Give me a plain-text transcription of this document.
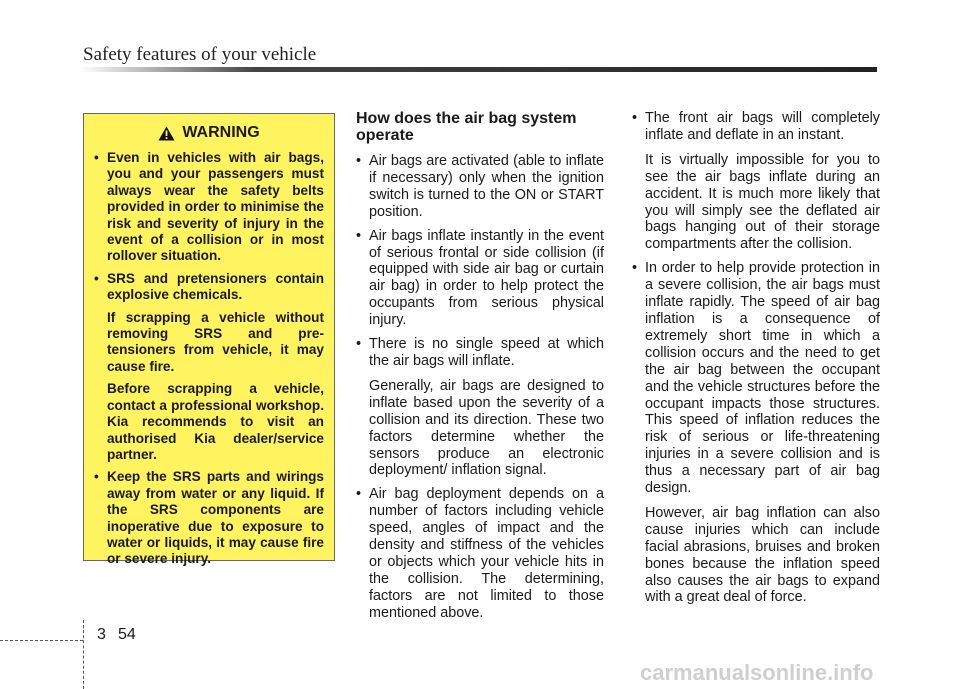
Safety features of your vehicle
WARNING
• Even in vehicles with air bags, you and your passengers must always wear the safety belts provided in order to minimise the risk and severity of injury in the event of a collision or in most rollover situation.

• SRS and pretensioners contain explosive chemicals.

If scrapping a vehicle without removing SRS and pre-tensioners from vehicle, it may cause fire.

Before scrapping a vehicle, contact a professional workshop. Kia recommends to visit an authorised Kia dealer/service partner.

• Keep the SRS parts and wirings away from water or any liquid. If the SRS components are inoperative due to exposure to water or liquids, it may cause fire or severe injury.

How does the air bag system operate
• Air bags are activated (able to inflate if necessary) only when the ignition switch is turned to the ON or START position.

• Air bags inflate instantly in the event of serious frontal or side collision (if equipped with side air bag or curtain air bag) in order to help protect the occupants from serious physical injury.

• There is no single speed at which the air bags will inflate.

Generally, air bags are designed to inflate based upon the severity of a collision and its direction. These two factors determine whether the sensors produce an electronic deployment/ inflation signal.

• Air bag deployment depends on a number of factors including vehicle speed, angles of impact and the density and stiffness of the vehicles or objects which your vehicle hits in the collision. The determining, factors are not limited to those mentioned above.

• The front air bags will completely inflate and deflate in an instant.

It is virtually impossible for you to see the air bags inflate during an accident. It is much more likely that you will simply see the deflated air bags hanging out of their storage compartments after the collision.

• In order to help provide protection in a severe collision, the air bags must inflate rapidly. The speed of air bag inflation is a consequence of extremely short time in which a collision occurs and the need to get the air bag between the occupant and the vehicle structures before the occupant impacts those structures. This speed of inflation reduces the risk of serious or life-threatening injuries in a severe collision and is thus a necessary part of air bag design.

However, air bag inflation can also cause injuries which can include facial abrasions, bruises and broken bones because the inflation speed also causes the air bags to expand with a great deal of force.

3 54
carmanualsonline.info
